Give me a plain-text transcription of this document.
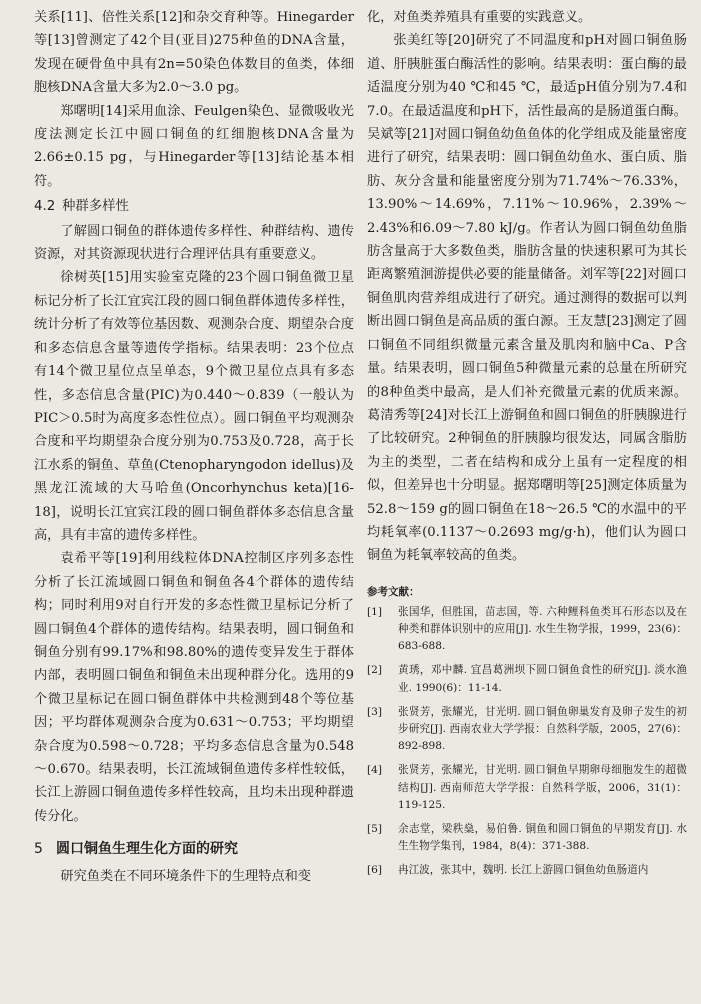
关系[11]、倍性关系[12]和杂交育种等。Hinegarder等[13]曾测定了42个目(亚目)275种鱼的DNA含量，发现在硬骨鱼中具有2n=50染色体数目的鱼类，体细胞核DNA含量大多为2.0～3.0 pg。

郑曙明[14]采用血涂、Feulgen染色、显微吸收光度法测定长江中圆口铜鱼的红细胞核DNA含量为2.66±0.15 pg，与Hinegarder等[13]结论基本相符。

4.2 种群多样性

了解圆口铜鱼的群体遗传多样性、种群结构、遗传资源，对其资源现状进行合理评估具有重要意义。

徐树英[15]用实验室克隆的23个圆口铜鱼微卫星标记分析了长江宜宾江段的圆口铜鱼群体遗传多样性，统计分析了有效等位基因数、观测杂合度、期望杂合度和多态信息含量等遗传学指标。结果表明：23个位点有14个微卫星位点呈单态，9个微卫星位点具有多态性，多态信息含量(PIC)为0.440～0.839（一般认为PIC＞0.5时为高度多态性位点）。圆口铜鱼平均观测杂合度和平均期望杂合度分别为0.753及0.728，高于长江水系的铜鱼、草鱼(Ctenopharyngodon idellus)及黑龙江流域的大马哈鱼(Oncorhynchus keta)[16-18]，说明长江宜宾江段的圆口铜鱼群体多态信息含量高，具有丰富的遗传多样性。

袁希平等[19]利用线粒体DNA控制区序列多态性分析了长江流域圆口铜鱼和铜鱼各4个群体的遗传结构；同时利用9对自行开发的多态性微卫星标记分析了圆口铜鱼4个群体的遗传结构。结果表明，圆口铜鱼和铜鱼分别有99.17%和98.80%的遗传变异发生于群体内部，表明圆口铜鱼和铜鱼未出现种群分化。选用的9个微卫星标记在圆口铜鱼群体中共检测到48个等位基因；平均群体观测杂合度为0.631～0.753；平均期望杂合度为0.598～0.728；平均多态信息含量为0.548～0.670。结果表明，长江流域铜鱼遗传多样性较低，长江上游圆口铜鱼遗传多样性较高，且均未出现种群遗传分化。

5 圆口铜鱼生理生化方面的研究

研究鱼类在不同环境条件下的生理特点和变

化，对鱼类养殖具有重要的实践意义。

张美红等[20]研究了不同温度和pH对圆口铜鱼肠道、肝胰脏蛋白酶活性的影响。结果表明：蛋白酶的最适温度分别为40 ℃和45 ℃，最适pH值分别为7.4和7.0。在最适温度和pH下，活性最高的是肠道蛋白酶。吴斌等[21]对圆口铜鱼幼鱼鱼体的化学组成及能量密度进行了研究，结果表明：圆口铜鱼幼鱼水、蛋白质、脂肪、灰分含量和能量密度分别为71.74%～76.33%，13.90%～14.69%，7.11%～10.96%，2.39%～2.43%和6.09～7.80 kJ/g。作者认为圆口铜鱼幼鱼脂肪含量高于大多数鱼类，脂肪含量的快速积累可为其长距离繁殖洄游提供必要的能量储备。刘军等[22]对圆口铜鱼肌肉营养组成进行了研究。通过测得的数据可以判断出圆口铜鱼是高品质的蛋白源。王友慧[23]测定了圆口铜鱼不同组织微量元素含量及肌肉和脑中Ca、P含量。结果表明，圆口铜鱼5种微量元素的总量在所研究的8种鱼类中最高，是人们补充微量元素的优质来源。葛清秀等[24]对长江上游铜鱼和圆口铜鱼的肝胰腺进行了比较研究。2种铜鱼的肝胰腺均很发达，同属含脂肪为主的类型，二者在结构和成分上虽有一定程度的相似，但差异也十分明显。据郑曙明等[25]测定体质量为52.8～159 g的圆口铜鱼在18～26.5 ℃的水温中的平均耗氧率(0.1137～0.2693 mg/g·h)，他们认为圆口铜鱼为耗氧率较高的鱼类。

参考文献：
[1] 张国华，但胜国，苗志国，等. 六种鲤科鱼类耳石形态以及在种类和群体识别中的应用[J]. 水生生物学报，1999，23(6)：683-688.
[2] 黄琇，邓中麟. 宜昌葛洲坝下圆口铜鱼食性的研究[J]. 淡水渔业. 1990(6)：11-14.
[3] 张贤芳，张耀光，甘光明. 圆口铜鱼卵巢发育及卵子发生的初步研究[J]. 西南农业大学学报：自然科学版，2005，27(6)：892-898.
[4] 张贤芳，张耀光，甘光明. 圆口铜鱼早期卵母细胞发生的超微结构[J]. 西南师范大学学报：自然科学版，2006，31(1)：119-125.
[5] 余志堂，梁秩燊，易伯鲁. 铜鱼和圆口铜鱼的早期发育[J]. 水生生物学集刊，1984，8(4)：371-388.
[6] 冉江波，张其中，魏明. 长江上游圆口铜鱼幼鱼肠道内
